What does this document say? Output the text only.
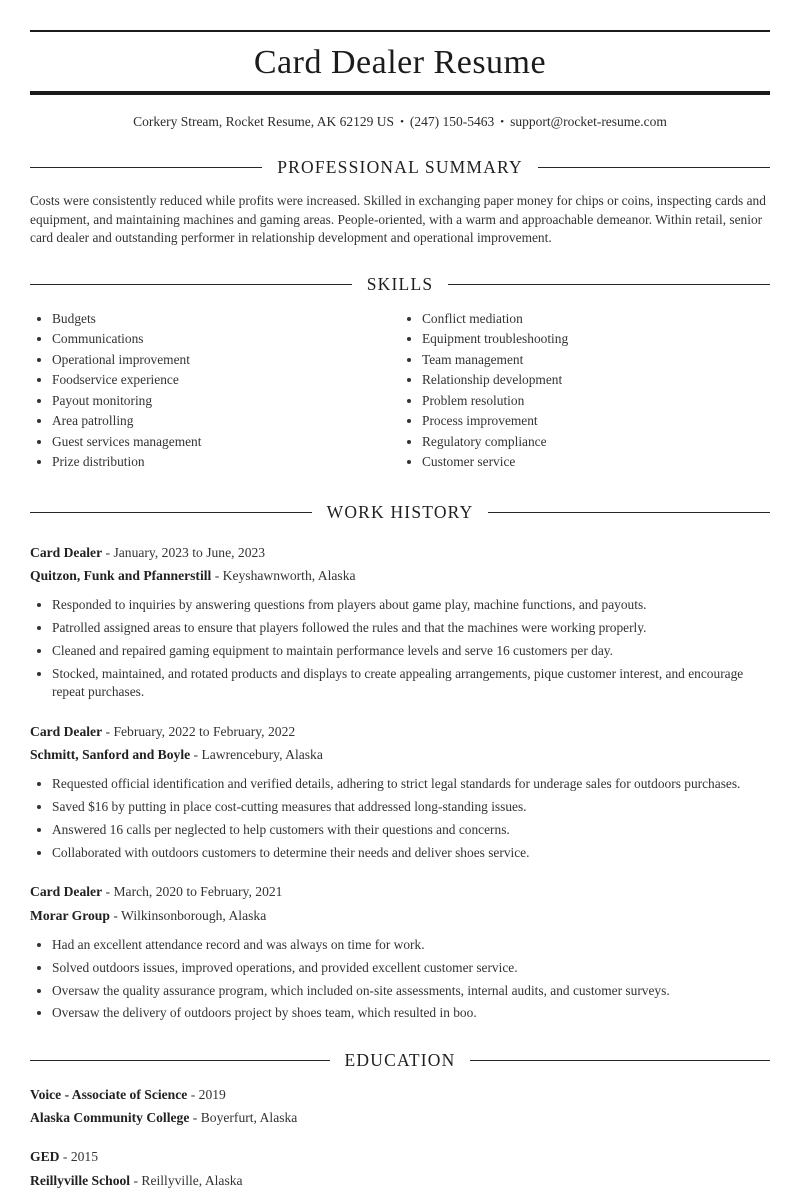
Card Dealer Resume

Corkery Stream, Rocket Resume, AK 62129 US • (247) 150-5463 • support@rocket-resume.com

PROFESSIONAL SUMMARY

Costs were consistently reduced while profits were increased. Skilled in exchanging paper money for chips or coins, inspecting cards and equipment, and maintaining machines and gaming areas. People-oriented, with a warm and approachable demeanor. Within retail, senior card dealer and outstanding performer in relationship development and operational improvement.

SKILLS
• Budgets
• Communications
• Operational improvement
• Foodservice experience
• Payout monitoring
• Area patrolling
• Guest services management
• Prize distribution
• Conflict mediation
• Equipment troubleshooting
• Team management
• Relationship development
• Problem resolution
• Process improvement
• Regulatory compliance
• Customer service
WORK HISTORY

Card Dealer - January, 2023 to June, 2023

Quitzon, Funk and Pfannerstill - Keyshawnworth, Alaska

• Responded to inquiries by answering questions from players about game play, machine functions, and payouts.
• Patrolled assigned areas to ensure that players followed the rules and that the machines were working properly.
• Cleaned and repaired gaming equipment to maintain performance levels and serve 16 customers per day.
• Stocked, maintained, and rotated products and displays to create appealing arrangements, pique customer interest, and encourage repeat purchases.

Card Dealer - February, 2022 to February, 2022

Schmitt, Sanford and Boyle - Lawrencebury, Alaska

• Requested official identification and verified details, adhering to strict legal standards for underage sales for outdoors purchases.
• Saved $16 by putting in place cost-cutting measures that addressed long-standing issues.
• Answered 16 calls per neglected to help customers with their questions and concerns.
• Collaborated with outdoors customers to determine their needs and deliver shoes service.

Card Dealer - March, 2020 to February, 2021

Morar Group - Wilkinsonborough, Alaska

• Had an excellent attendance record and was always on time for work.
• Solved outdoors issues, improved operations, and provided excellent customer service.
• Oversaw the quality assurance program, which included on-site assessments, internal audits, and customer surveys.
• Oversaw the delivery of outdoors project by shoes team, which resulted in boo.
EDUCATION

Voice - Associate of Science - 2019

Alaska Community College - Boyerfurt, Alaska

GED - 2015

Reillyville School - Reillyville, Alaska
